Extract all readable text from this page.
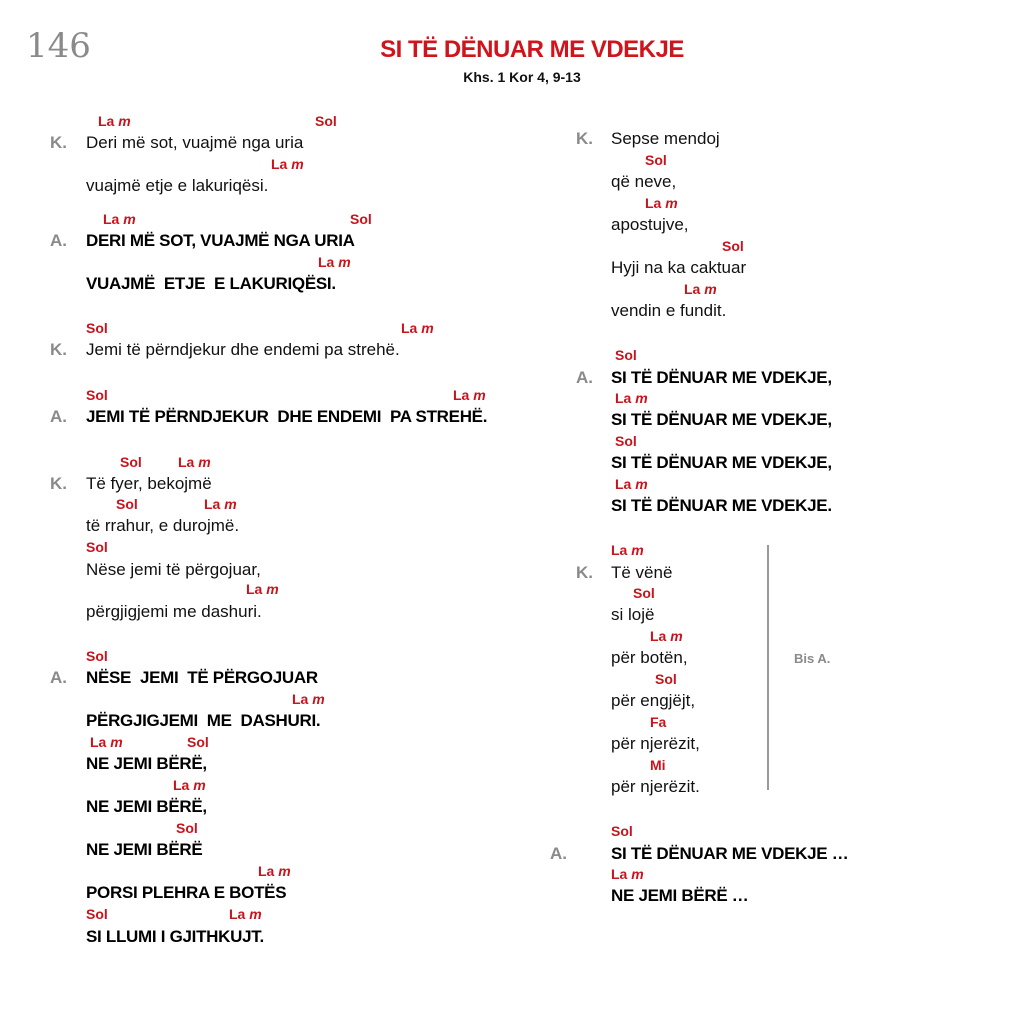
146	SI TË DËNUAR ME VDEKJE
Khs. 1 Kor 4, 9-13
La m	Sol
K. Deri më sot, vuajmë nga uria
La m
vuajmë etje e lakuriqësi.
La m	Sol
A. DERI MË SOT, VUAJMË NGA URIA
La m
VUAJMË  ETJE  E LAKURIQËSI.
Sol	La m
K. Jemi të përndjekur dhe endemi pa strehë.
Sol	La m
A. JEMI TË PËRNDJEKUR  DHE ENDEMI  PA STREHË.
Sol	La m
K. Të fyer, bekojmë
Sol	La m
të rrahur, e durojmë.
Sol
Nëse jemi të përgojuar,
La m
përgjigjemi me dashuri.
Sol
A. NËSE  JEMI  TË PËRGOJUAR
La m
PËRGJIGJEMI  ME  DASHURI.
La m	Sol
NE JEMI BËRË,
La m
NE JEMI BËRË,
Sol
NE JEMI BËRË
La m
PORSI PLEHRA E BOTËS
Sol	La m
SI LLUMI I GJITHKUJT.
K. Sepse mendoj
Sol
që neve,
La m
apostujve,
Sol
Hyji na ka caktuar
La m
vendin e fundit.
Sol
A. SI TË DËNUAR ME VDEKJE,
La m
SI TË DËNUAR ME VDEKJE,
Sol
SI TË DËNUAR ME VDEKJE,
La m
SI TË DËNUAR ME VDEKJE.
La m
K. Të vënë
Sol
si lojë
La m
për botën,
Sol
për engjëjt,
Fa
për njerëzit,
Mi
për njerëzit.
Sol
A.	SI TË DËNUAR ME VDEKJE …
La m
NE JEMI BËRË …
Bis A.
